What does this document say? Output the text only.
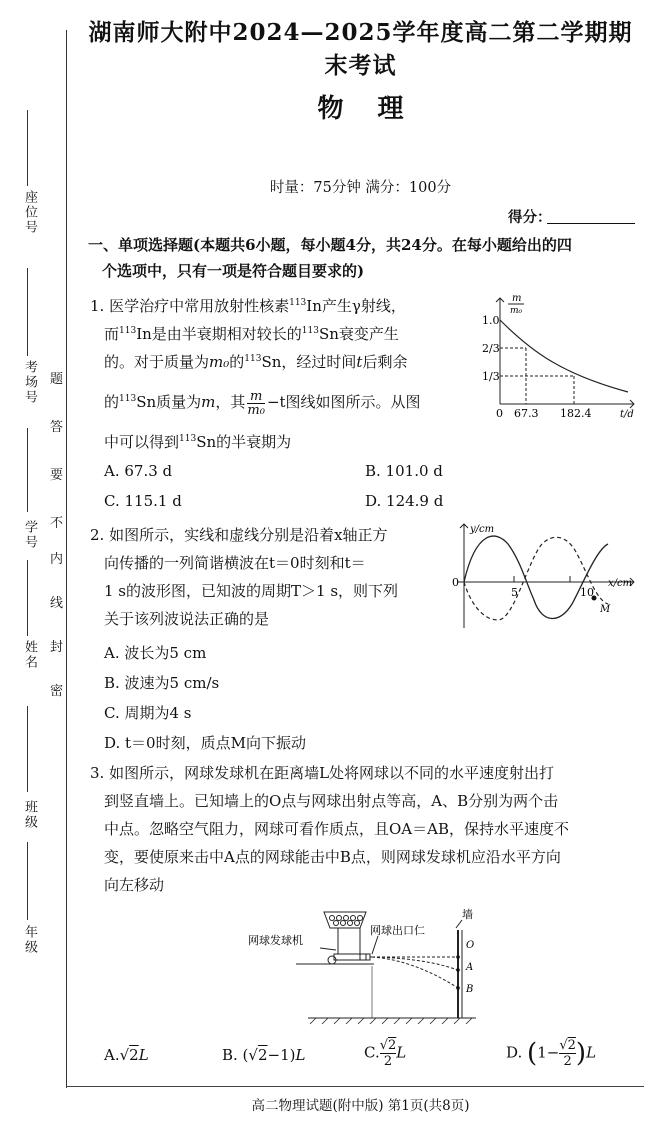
座位号
考场号
学号
姓名
班级
年级
题
答
要
不
内
线
封
密
湖南师大附中2024—2025学年度高二第二学期期末考试
物理
时量：75分钟 满分：100分
得分：
一、单项选择题(本题共6小题，每小题4分，共24分。在每小题给出的四
个选项中，只有一项是符合题目要求的)
1. 医学治疗中常用放射性核素$^{113}$In产生γ射线，
而$^{113}$In是由半衰期相对较长的$^{113}$Sn衰变产生
的。对于质量为m₀的$^{113}$Sn，经过时间t后剩余
的$^{113}$Sn质量为m，其 $\frac{m}{\text{m₀}} -t$图线如图所示。从图
中可以得到$^{113}$Sn的半衰期为
m
m₀
1.0
2/3
1/3
0 67.3 182.4	t/d
A. 67.3 d	B. 101.0 d
C. 115.1 d	D. 124.9 d
2. 如图所示，实线和虚线分别是沿着x轴正方
向传播的一列简谐横波在t＝0时刻和t＝
1 s的波形图，已知波的周期T＞1 s，则下列
关于该列波说法正确的是
y/cm
x/cm
0
5	10
M
A. 波长为5 cm
B. 波速为5 cm/s
C. 周期为4 s
D. t＝0时刻，质点M向下振动
3. 如图所示，网球发球机在距离墙L处将网球以不同的水平速度射出打
到竖直墙上。已知墙上的O点与网球出射点等高，A、B分别为两个击
中点。忽略空气阻力，网球可看作质点，且OA＝AB，保持水平速度不
变，要使原来击中A点的网球能击中B点，则网球发球机应沿水平方向
向左移动
网球发球机
网球出口仁
墙
O
A
B
A.√2L	B. (√2−1)L	C. $\frac{√2}{2}$ L	D. $(1- \frac{√2}{2} )L$
高二物理试题(附中版) 第1页(共8页)
